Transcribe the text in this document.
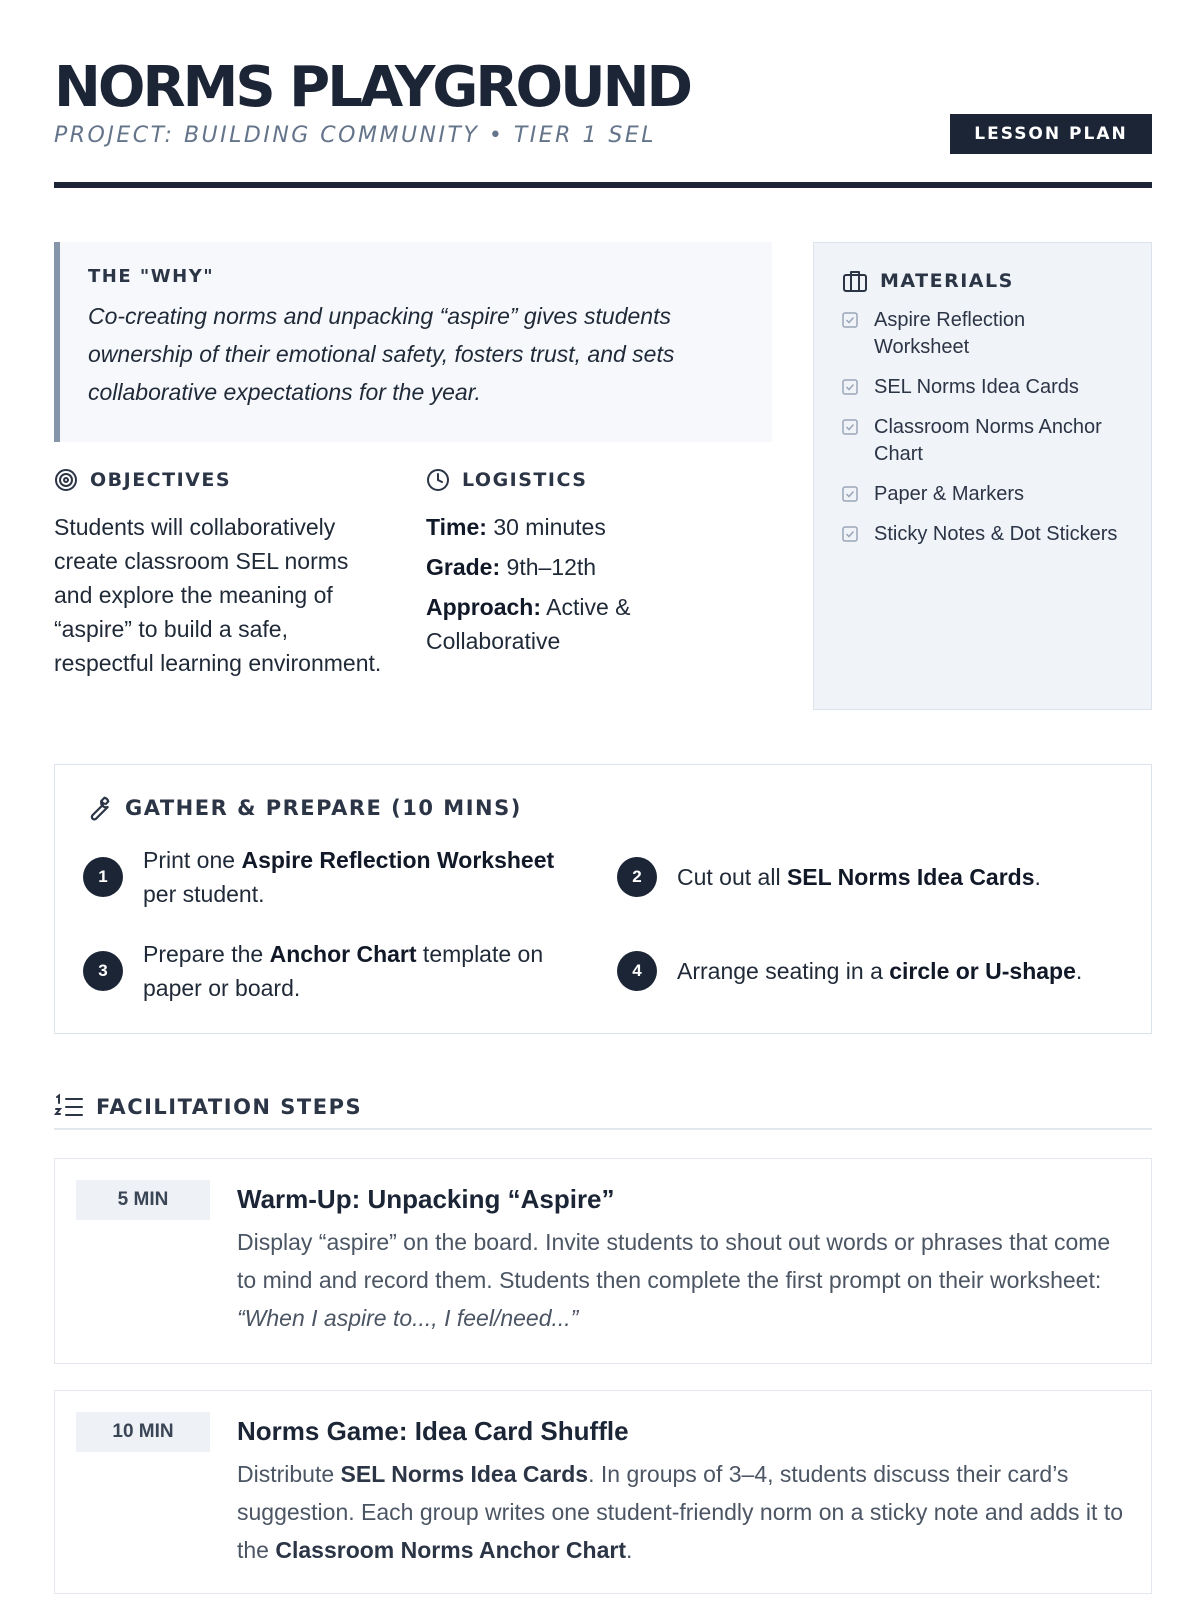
NORMS PLAYGROUND
PROJECT: BUILDING COMMUNITY • TIER 1 SEL	LESSON PLAN
THE "WHY"
Co-creating norms and unpacking “aspire” gives students ownership of their emotional safety, fosters trust, and sets collaborative expectations for the year.
OBJECTIVES
Students will collaboratively create classroom SEL norms and explore the meaning of “aspire” to build a safe, respectful learning environment.
LOGISTICS
Time: 30 minutes
Grade: 9th–12th
Approach: Active & Collaborative
MATERIALS
Aspire Reflection Worksheet
SEL Norms Idea Cards
Classroom Norms Anchor Chart
Paper & Markers
Sticky Notes & Dot Stickers
GATHER & PREPARE (10 MINS)
1
Print one Aspire Reflection Worksheet per student.
2	Cut out all SEL Norms Idea Cards.
3
Prepare the Anchor Chart template on paper or board.
4	Arrange seating in a circle or U-shape.
FACILITATION STEPS
5 MIN	Warm-Up: Unpacking “Aspire”
Display “aspire” on the board. Invite students to shout out words or phrases that come to mind and record them. Students then complete the first prompt on their worksheet: “When I aspire to..., I feel/need...”
10 MIN	Norms Game: Idea Card Shuffle
Distribute SEL Norms Idea Cards. In groups of 3–4, students discuss their card’s suggestion. Each group writes one student-friendly norm on a sticky note and adds it to the Classroom Norms Anchor Chart.
